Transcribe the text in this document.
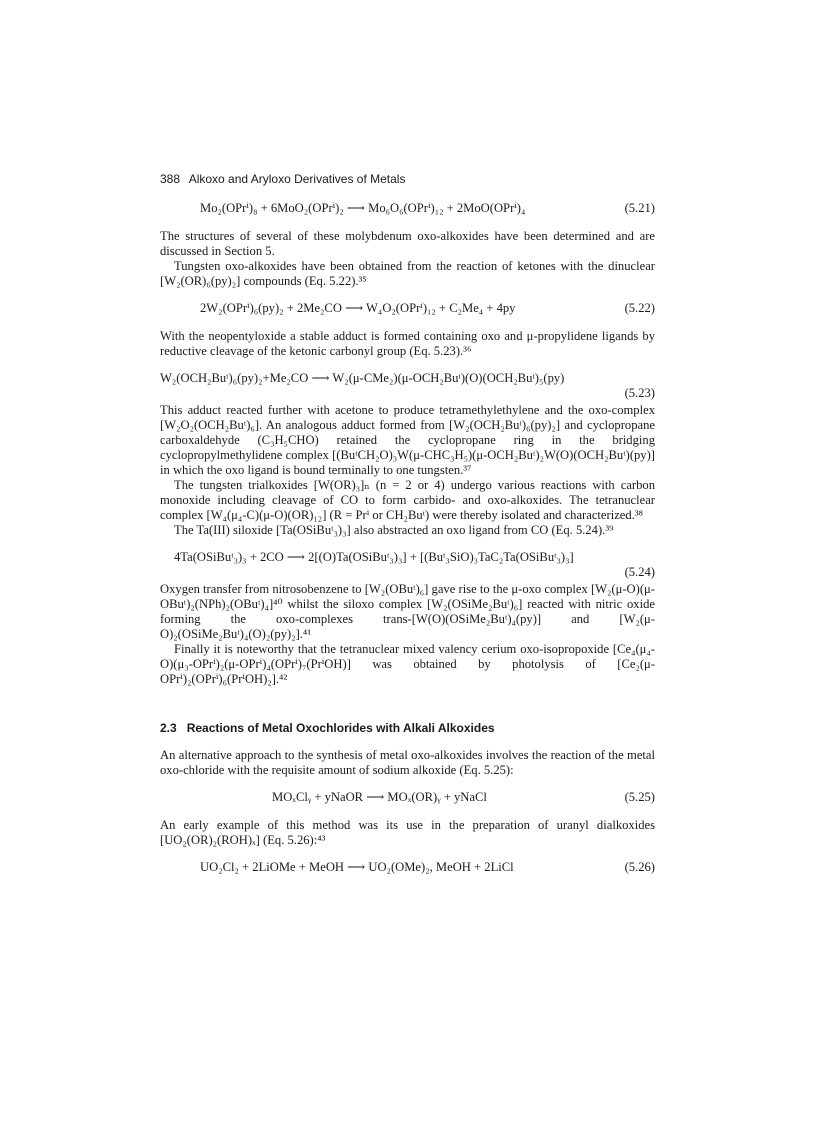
388 Alkoxo and Aryloxo Derivatives of Metals
Mo₂(OPrⁱ)₈ + 6MoO₂(OPrⁱ)₂ ⟶ Mo₆O₆(OPrⁱ)₁₂ + 2MoO(OPrⁱ)₄	(5.21)

The structures of several of these molybdenum oxo-alkoxides have been determined and are discussed in Section 5.

Tungsten oxo-alkoxides have been obtained from the reaction of ketones with the dinuclear [W₂(OR)₆(py)₂] compounds (Eq. 5.22).³⁵

2W₂(OPrⁱ)₆(py)₂ + 2Me₂CO ⟶ W₄O₂(OPrⁱ)₁₂ + C₂Me₄ + 4py	(5.22)

With the neopentyloxide a stable adduct is formed containing oxo and μ-propylidene ligands by reductive cleavage of the ketonic carbonyl group (Eq. 5.23).³⁶

W₂(OCH₂Buᵗ)₆(py)₂+Me₂CO ⟶ W₂(μ-CMe₂)(μ-OCH₂Buᵗ)(O)(OCH₂Buᵗ)₅(py)
(5.23)

This adduct reacted further with acetone to produce tetramethylethylene and the oxo-complex [W₂O₂(OCH₂Buᵗ)₆]. An analogous adduct formed from [W₂(OCH₂Buᵗ)₆(py)₂] and cyclopropane carboxaldehyde (C₃H₅CHO) retained the cyclopropane ring in the bridging cyclopropylmethylidene complex [(BuᵗCH₂O)₃W(μ-CHC₃H₅)(μ-OCH₂Buᵗ)₂W(O)(OCH₂Buᵗ)(py)] in which the oxo ligand is bound terminally to one tungsten.³⁷

The tungsten trialkoxides [W(OR)₃]ₙ (n = 2 or 4) undergo various reactions with carbon monoxide including cleavage of CO to form carbido- and oxo-alkoxides. The tetranuclear complex [W₄(μ₄-C)(μ-O)(OR)₁₂] (R = Prⁱ or CH₂Buᵗ) were thereby isolated and characterized.³⁸

The Ta(III) siloxide [Ta(OSiBuᵗ₃)₃] also abstracted an oxo ligand from CO (Eq. 5.24).³⁹

4Ta(OSiBuᵗ₃)₃ + 2CO ⟶ 2[(O)Ta(OSiBuᵗ₃)₃] + [(Buᵗ₃SiO)₃TaC₂Ta(OSiBuᵗ₃)₃]
(5.24)

Oxygen transfer from nitrosobenzene to [W₂(OBuᵗ)₆] gave rise to the μ-oxo complex [W₂(μ-O)(μ-OBuᵗ)₂(NPh)₂(OBuᵗ)₄]⁴⁰ whilst the siloxo complex [W₂(OSiMe₂Buᵗ)₆] reacted with nitric oxide forming the oxo-complexes trans-[W(O)(OSiMe₂Buᵗ)₄(py)] and [W₂(μ-O)₂(OSiMe₂Buᵗ)₄(O)₂(py)₂].⁴¹

Finally it is noteworthy that the tetranuclear mixed valency cerium oxo-isopropoxide [Ce₄(μ₄-O)(μ₃-OPrⁱ)₂(μ-OPrⁱ)₄(OPrⁱ)₇(PrⁱOH)] was obtained by photolysis of [Ce₂(μ-OPrⁱ)₂(OPrⁱ)₆(PrⁱOH)₂].⁴²

2.3 Reactions of Metal Oxochlorides with Alkali Alkoxides

An alternative approach to the synthesis of metal oxo-alkoxides involves the reaction of the metal oxo-chloride with the requisite amount of sodium alkoxide (Eq. 5.25):

MOₓClᵧ + yNaOR ⟶ MOₓ(OR)ᵧ + yNaCl	(5.25)

An early example of this method was its use in the preparation of uranyl dialkoxides [UO₂(OR)₂(ROH)ₓ] (Eq. 5.26):⁴³

UO₂Cl₂ + 2LiOMe + MeOH ⟶ UO₂(OMe)₂, MeOH + 2LiCl	(5.26)
